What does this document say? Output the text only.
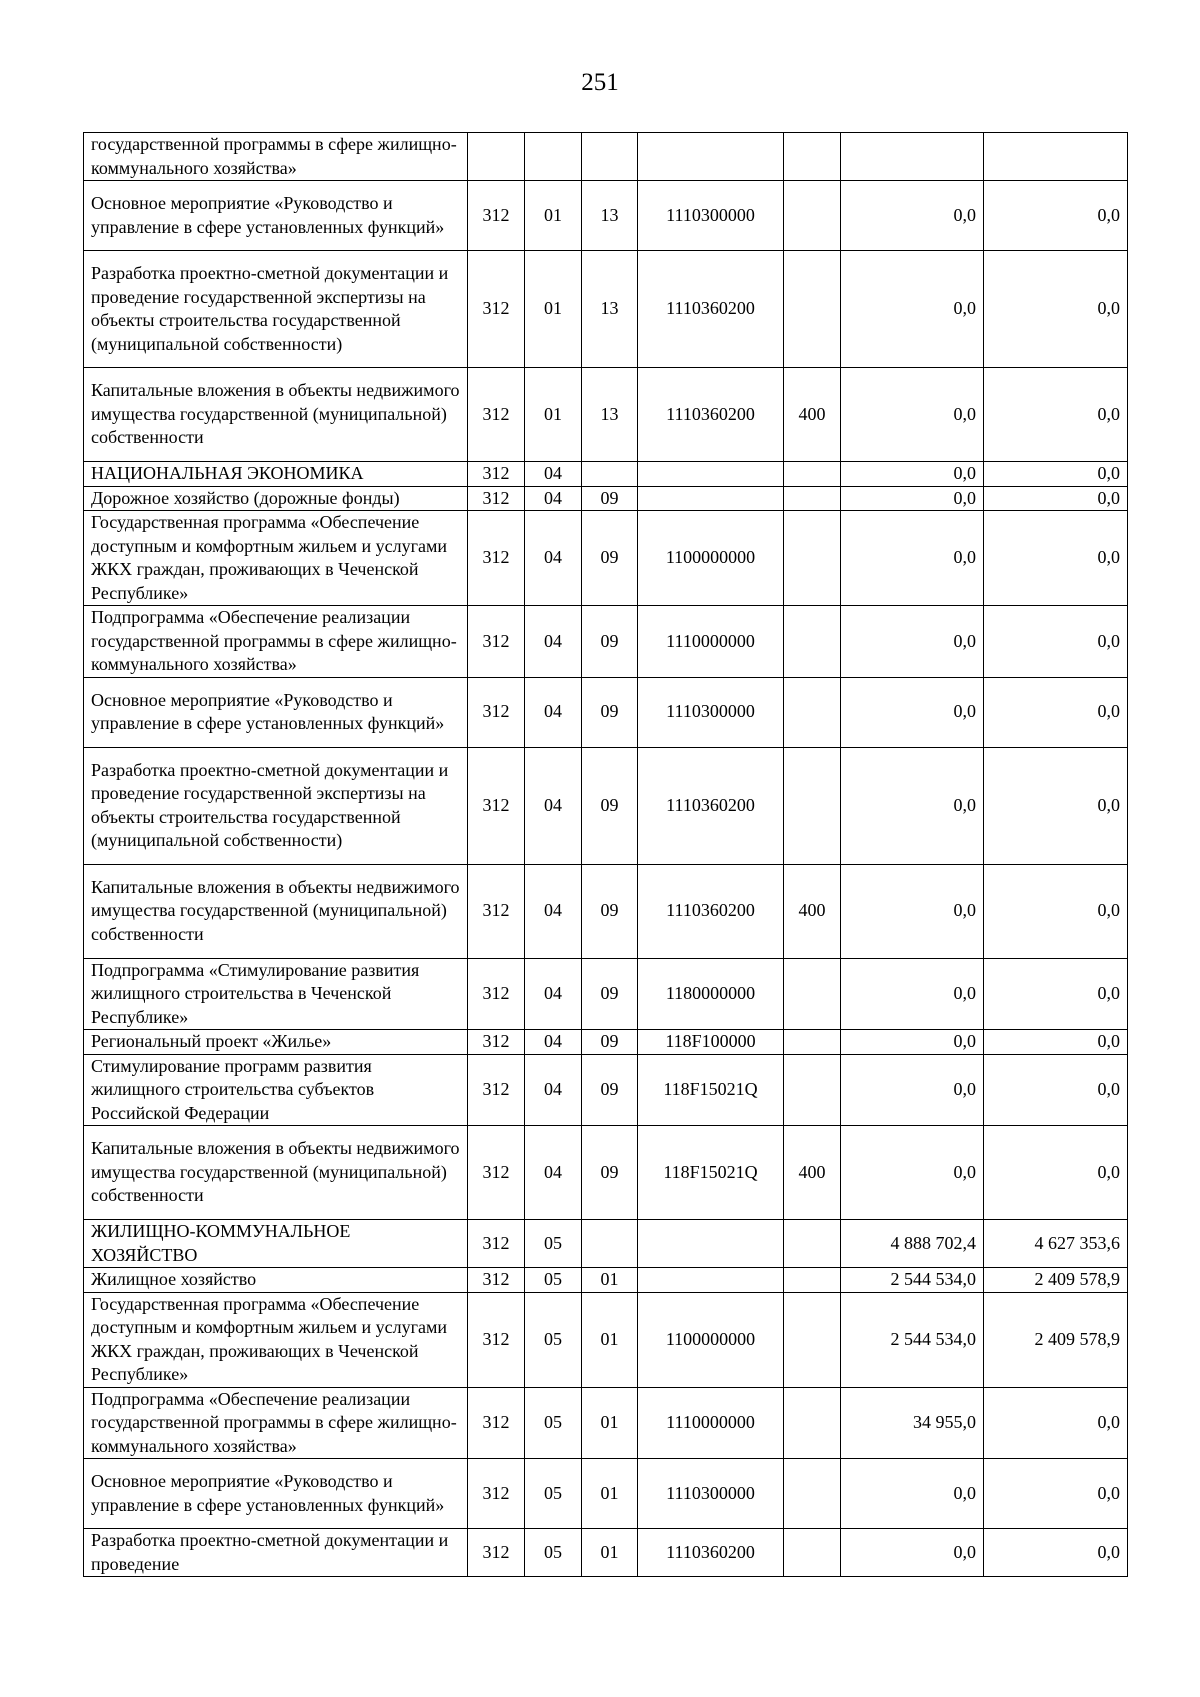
251
государственной программы в сфере жилищно-коммунального хозяйства»							
Основное мероприятие «Руководство и управление в сфере установленных функций»	312	01	13	1110300000		0,0	0,0
Разработка проектно-сметной документации и проведение государственной экспертизы на объекты строительства государственной (муниципальной собственности)	312	01	13	1110360200		0,0	0,0
Капитальные вложения в объекты недвижимого имущества государственной (муниципальной) собственности	312	01	13	1110360200	400	0,0	0,0
НАЦИОНАЛЬНАЯ ЭКОНОМИКА	312	04				0,0	0,0
Дорожное хозяйство (дорожные фонды)	312	04	09			0,0	0,0
Государственная программа «Обеспечение доступным и комфортным жильем и услугами ЖКХ граждан, проживающих в Чеченской Республике»	312	04	09	1100000000		0,0	0,0
Подпрограмма «Обеспечение реализации государственной программы в сфере жилищно-коммунального хозяйства»	312	04	09	1110000000		0,0	0,0
Основное мероприятие «Руководство и управление в сфере установленных функций»	312	04	09	1110300000		0,0	0,0
Разработка проектно-сметной документации и проведение государственной экспертизы на объекты строительства государственной (муниципальной собственности)	312	04	09	1110360200		0,0	0,0
Капитальные вложения в объекты недвижимого имущества государственной (муниципальной) собственности	312	04	09	1110360200	400	0,0	0,0
Подпрограмма «Стимулирование развития жилищного строительства в Чеченской Республике»	312	04	09	1180000000		0,0	0,0
Региональный проект «Жилье»	312	04	09	118F100000		0,0	0,0
Стимулирование программ развития жилищного строительства субъектов Российской Федерации	312	04	09	118F15021Q		0,0	0,0
Капитальные вложения в объекты недвижимого имущества государственной (муниципальной) собственности	312	04	09	118F15021Q	400	0,0	0,0
ЖИЛИЩНО-КОММУНАЛЬНОЕ ХОЗЯЙСТВО	312	05				4 888 702,4	4 627 353,6
Жилищное хозяйство	312	05	01			2 544 534,0	2 409 578,9
Государственная программа «Обеспечение доступным и комфортным жильем и услугами ЖКХ граждан, проживающих в Чеченской Республике»	312	05	01	1100000000		2 544 534,0	2 409 578,9
Подпрограмма «Обеспечение реализации государственной программы в сфере жилищно-коммунального хозяйства»	312	05	01	1110000000		34 955,0	0,0
Основное мероприятие «Руководство и управление в сфере установленных функций»	312	05	01	1110300000		0,0	0,0
Разработка проектно-сметной документации и проведение	312	05	01	1110360200		0,0	0,0
